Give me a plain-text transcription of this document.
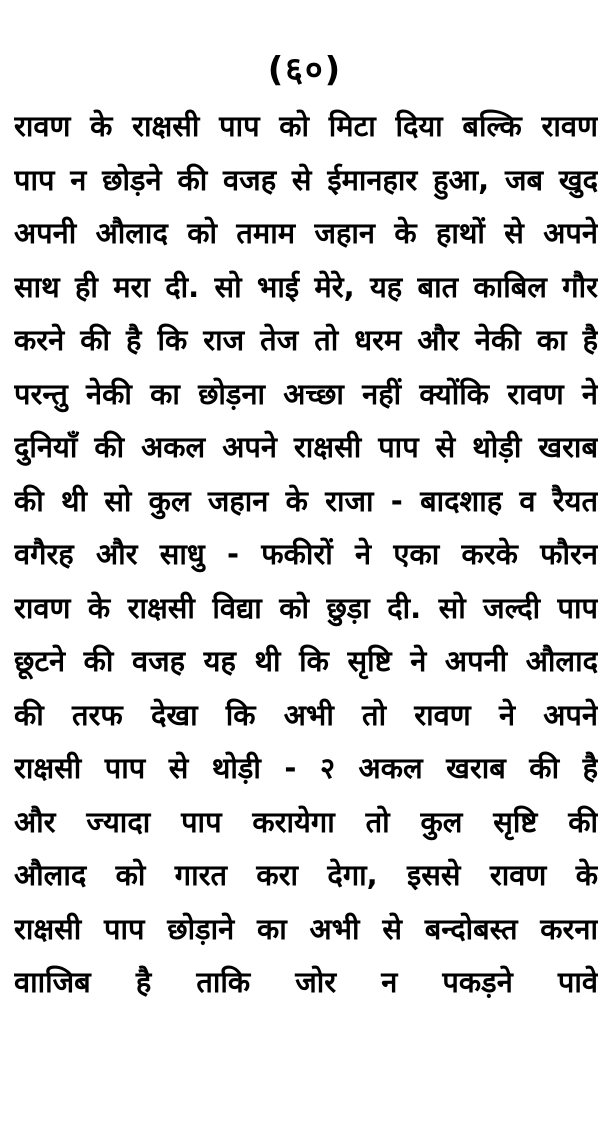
(६०)
रावण के राक्षसी पाप को मिटा दिया बल्कि रावण
पाप न छोड़ने की वजह से ईमानहार हुआ, जब खुद
अपनी औलाद को तमाम जहान के हाथों से अपने
साथ ही मरा दी. सो भाई मेरे, यह बात काबिल गौर
करने की है कि राज तेज तो धरम और नेकी का है
परन्तु नेकी का छोड़ना अच्छा नहीं क्योंकि रावण ने
दुनियाँ की अकल अपने राक्षसी पाप से थोड़ी खराब
की थी सो कुल जहान के राजा - बादशाह व रैयत
वगैरह और साधु - फकीरों ने एका करके फौरन
रावण के राक्षसी विद्या को छुड़ा दी. सो जल्दी पाप
छूटने की वजह यह थी कि सृष्टि ने अपनी औलाद
की तरफ देखा कि अभी तो रावण ने अपने
राक्षसी पाप से थोड़ी - २ अकल खराब की है
और ज्यादा पाप करायेगा तो कुल सृष्टि की
औलाद को गारत करा देगा, इससे रावण के
राक्षसी पाप छोड़ाने का अभी से बन्दोबस्त करना
वााजिब है ताकि जोर न पकड़ने पावे
